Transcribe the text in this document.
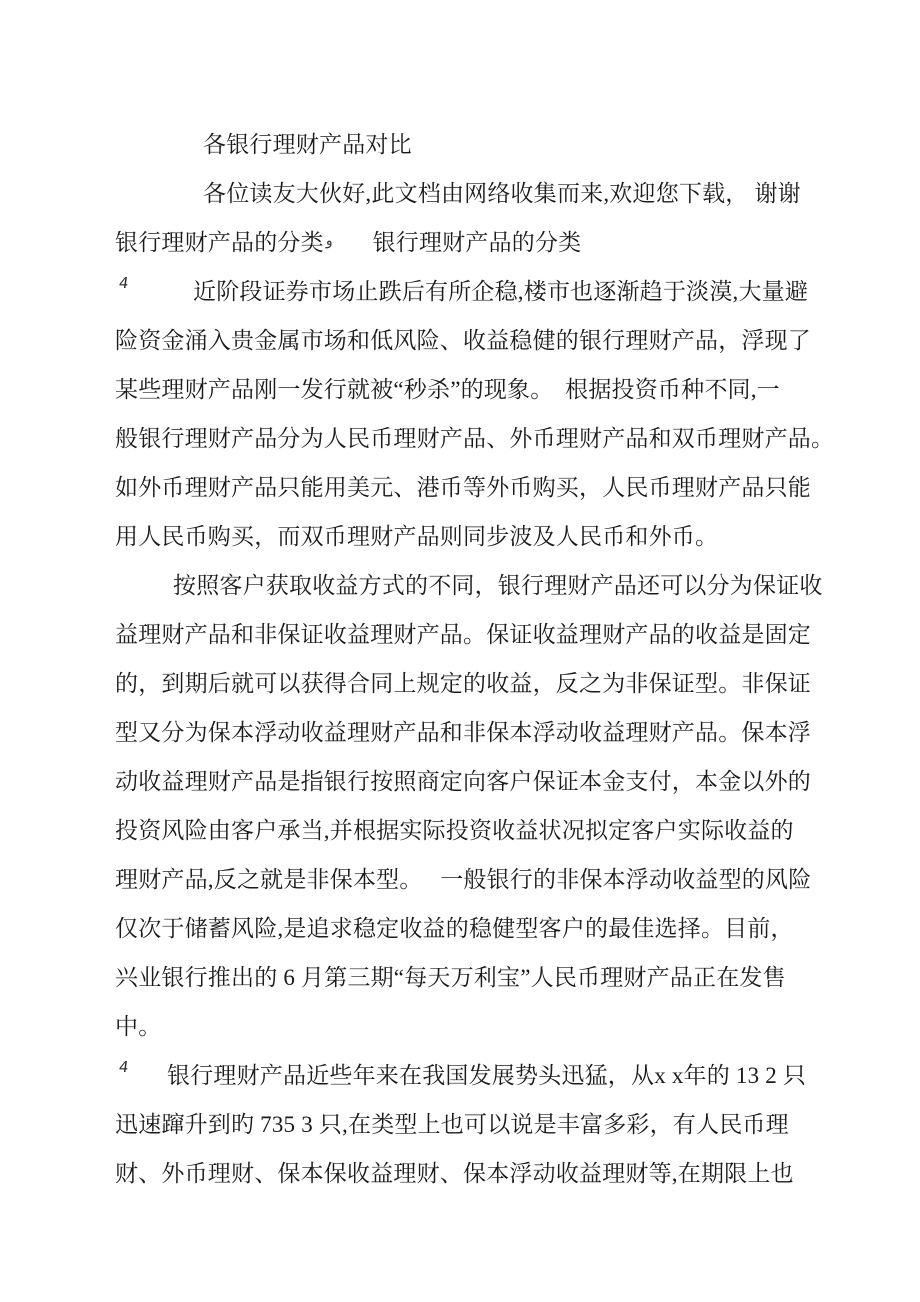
各银行理财产品对比
各位读友大伙好,此文档由网络收集而来,欢迎您下载， 谢谢
银行理财产品的分类 $^و$ 银行理财产品的分类
4	近阶段证券市场止跌后有所企稳,楼市也逐渐趋于淡漠,大量避
险资金涌入贵金属市场和低风险、收益稳健的银行理财产品，浮现了
某些理财产品刚一发行就被“秒杀”的现象。　根据投资币种不同,一
般银行理财产品分为人民币理财产品、外币理财产品和双币理财产品。
如外币理财产品只能用美元、港币等外币购买，人民币理财产品只能
用人民币购买，而双币理财产品则同步波及人民币和外币。
按照客户获取收益方式的不同，银行理财产品还可以分为保证收
益理财产品和非保证收益理财产品。保证收益理财产品的收益是固定
的，到期后就可以获得合同上规定的收益，反之为非保证型。非保证
型又分为保本浮动收益理财产品和非保本浮动收益理财产品。保本浮
动收益理财产品是指银行按照商定向客户保证本金支付，本金以外的
投资风险由客户承当,并根据实际投资收益状况拟定客户实际收益的
理财产品,反之就是非保本型。　 一般银行的非保本浮动收益型的风险
仅次于储蓄风险,是追求稳定收益的稳健型客户的最佳选择。目前，
兴业银行推出的 6 月第三期“每天万利宝”人民币理财产品正在发售
中。
4 银行理财产品近些年来在我国发展势头迅猛，从x x年的 13 2 只
迅速蹿升到旳 735 3 只,在类型上也可以说是丰富多彩，有人民币理
财、外币理财、保本保收益理财、保本浮动收益理财等,在期限上也
